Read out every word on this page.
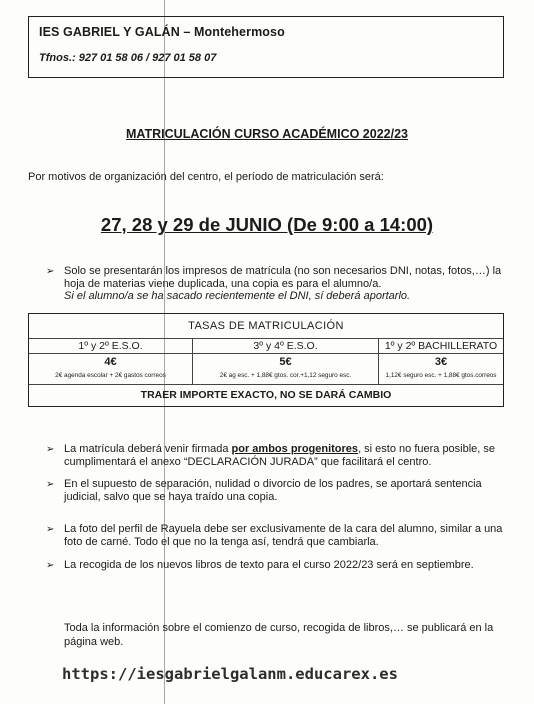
IES GABRIEL Y GALÁN – Montehermoso
Tfnos.: 927 01 58 06 / 927 01 58 07
MATRICULACIÓN CURSO ACADÉMICO 2022/23
Por motivos de organización del centro, el período de matriculación será:
27, 28 y 29 de JUNIO (De 9:00 a 14:00)
➢ Solo se presentarán los impresos de matrícula (no son necesarios DNI, notas, fotos,…) la hoja de materias viene duplicada, una copia es para el alumno/a.
Si el alumno/a se ha sacado recientemente el DNI, sí deberá aportarlo.
TASAS DE MATRICULACIÓN
1º y 2º E.S.O.	3º y 4º E.S.O.	1º y 2º BACHILLERATO
4€
2€ agenda escolar + 2€ gastos correos
5€
2€ ag esc. + 1,88€ gtos. cor.+1,12 seguro esc.
3€
1,12€ seguro esc. + 1,88€ gtos.correos
TRAER IMPORTE EXACTO, NO SE DARÁ CAMBIO
➢ La matrícula deberá venir firmada por ambos progenitores, si esto no fuera posible, se cumplimentará el anexo “DECLARACIÓN JURADA” que facilitará el centro.
➢ En el supuesto de separación, nulidad o divorcio de los padres, se aportará sentencia judicial, salvo que se haya traído una copia.
➢ La foto del perfil de Rayuela debe ser exclusivamente de la cara del alumno, similar a una foto de carné. Todo el que no la tenga así, tendrá que cambiarla.
➢ La recogida de los nuevos libros de texto para el curso 2022/23 será en septiembre.
Toda la información sobre el comienzo de curso, recogida de libros,… se publicará en la página web.
https://iesgabrielgalanm.educarex.es
